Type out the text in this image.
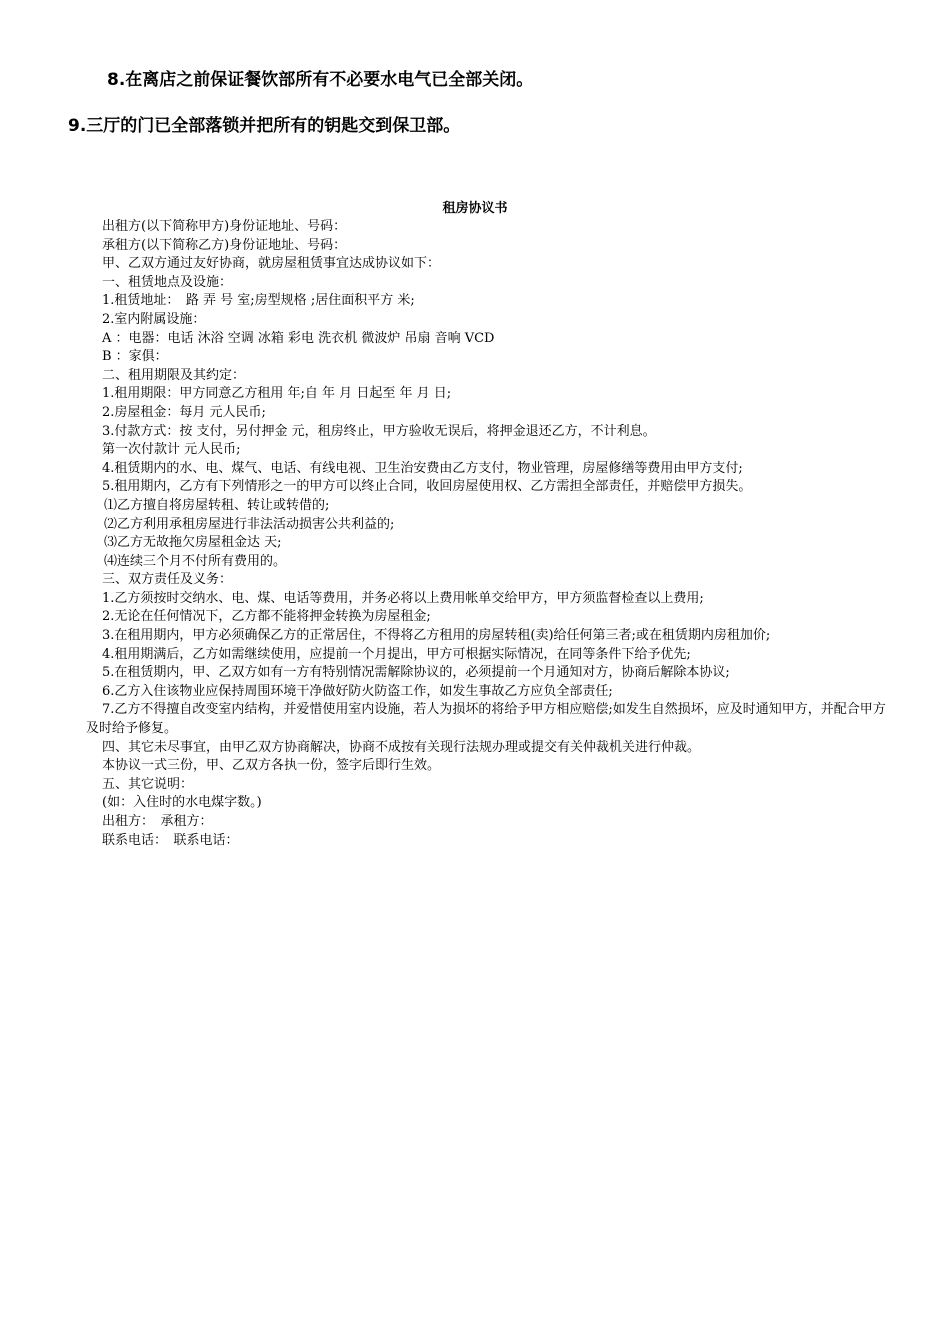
8.在离店之前保证餐饮部所有不必要水电气已全部关闭。
9.三厅的门已全部落锁并把所有的钥匙交到保卫部。
租房协议书

出租方(以下简称甲方)身份证地址、号码：

承租方(以下简称乙方)身份证地址、号码：

甲、乙双方通过友好协商，就房屋租赁事宜达成协议如下：

一、租赁地点及设施：

1.租赁地址：　路 弄 号 室;房型规格 ;居住面积平方 米;

2.室内附属设施：

A ：电器：电话 沐浴 空调 冰箱 彩电 洗衣机 微波炉 吊扇 音响 VCD

B ：家俱：

二、租用期限及其约定：

1.租用期限：甲方同意乙方租用 年;自 年 月 日起至 年 月 日;

2.房屋租金：每月 元人民币;

3.付款方式：按 支付，另付押金 元，租房终止，甲方验收无误后，将押金退还乙方，不计利息。

第一次付款计 元人民币;

4.租赁期内的水、电、煤气、电话、有线电视、卫生治安费由乙方支付，物业管理，房屋修缮等费用由甲方支付;

5.租用期内，乙方有下列情形之一的甲方可以终止合同，收回房屋使用权、乙方需担全部责任，并赔偿甲方损失。

⑴乙方擅自将房屋转租、转让或转借的;

⑵乙方利用承租房屋进行非法活动损害公共利益的;

⑶乙方无故拖欠房屋租金达 天;

⑷连续三个月不付所有费用的。

三、双方责任及义务：

1.乙方须按时交纳水、电、煤、电话等费用，并务必将以上费用帐单交给甲方，甲方须监督检查以上费用;

2.无论在任何情况下，乙方都不能将押金转换为房屋租金;

3.在租用期内，甲方必须确保乙方的正常居住，不得将乙方租用的房屋转租(卖)给任何第三者;或在租赁期内房租加价;

4.租用期满后，乙方如需继续使用，应提前一个月提出，甲方可根据实际情况，在同等条件下给予优先;

5.在租赁期内，甲、乙双方如有一方有特别情况需解除协议的，必须提前一个月通知对方，协商后解除本协议;

6.乙方入住该物业应保持周围环境干净做好防火防盗工作，如发生事故乙方应负全部责任;

7.乙方不得擅自改变室内结构，并爱惜使用室内设施，若人为损坏的将给予甲方相应赔偿;如发生自然损坏，应及时通知甲方，并配合甲方及时给予修复。

四、其它未尽事宜，由甲乙双方协商解决，协商不成按有关现行法规办理或提交有关仲裁机关进行仲裁。

本协议一式三份，甲、乙双方各执一份，签字后即行生效。

五、其它说明：

(如：入住时的水电煤字数。)

出租方：　承租方：

联系电话：　联系电话：
